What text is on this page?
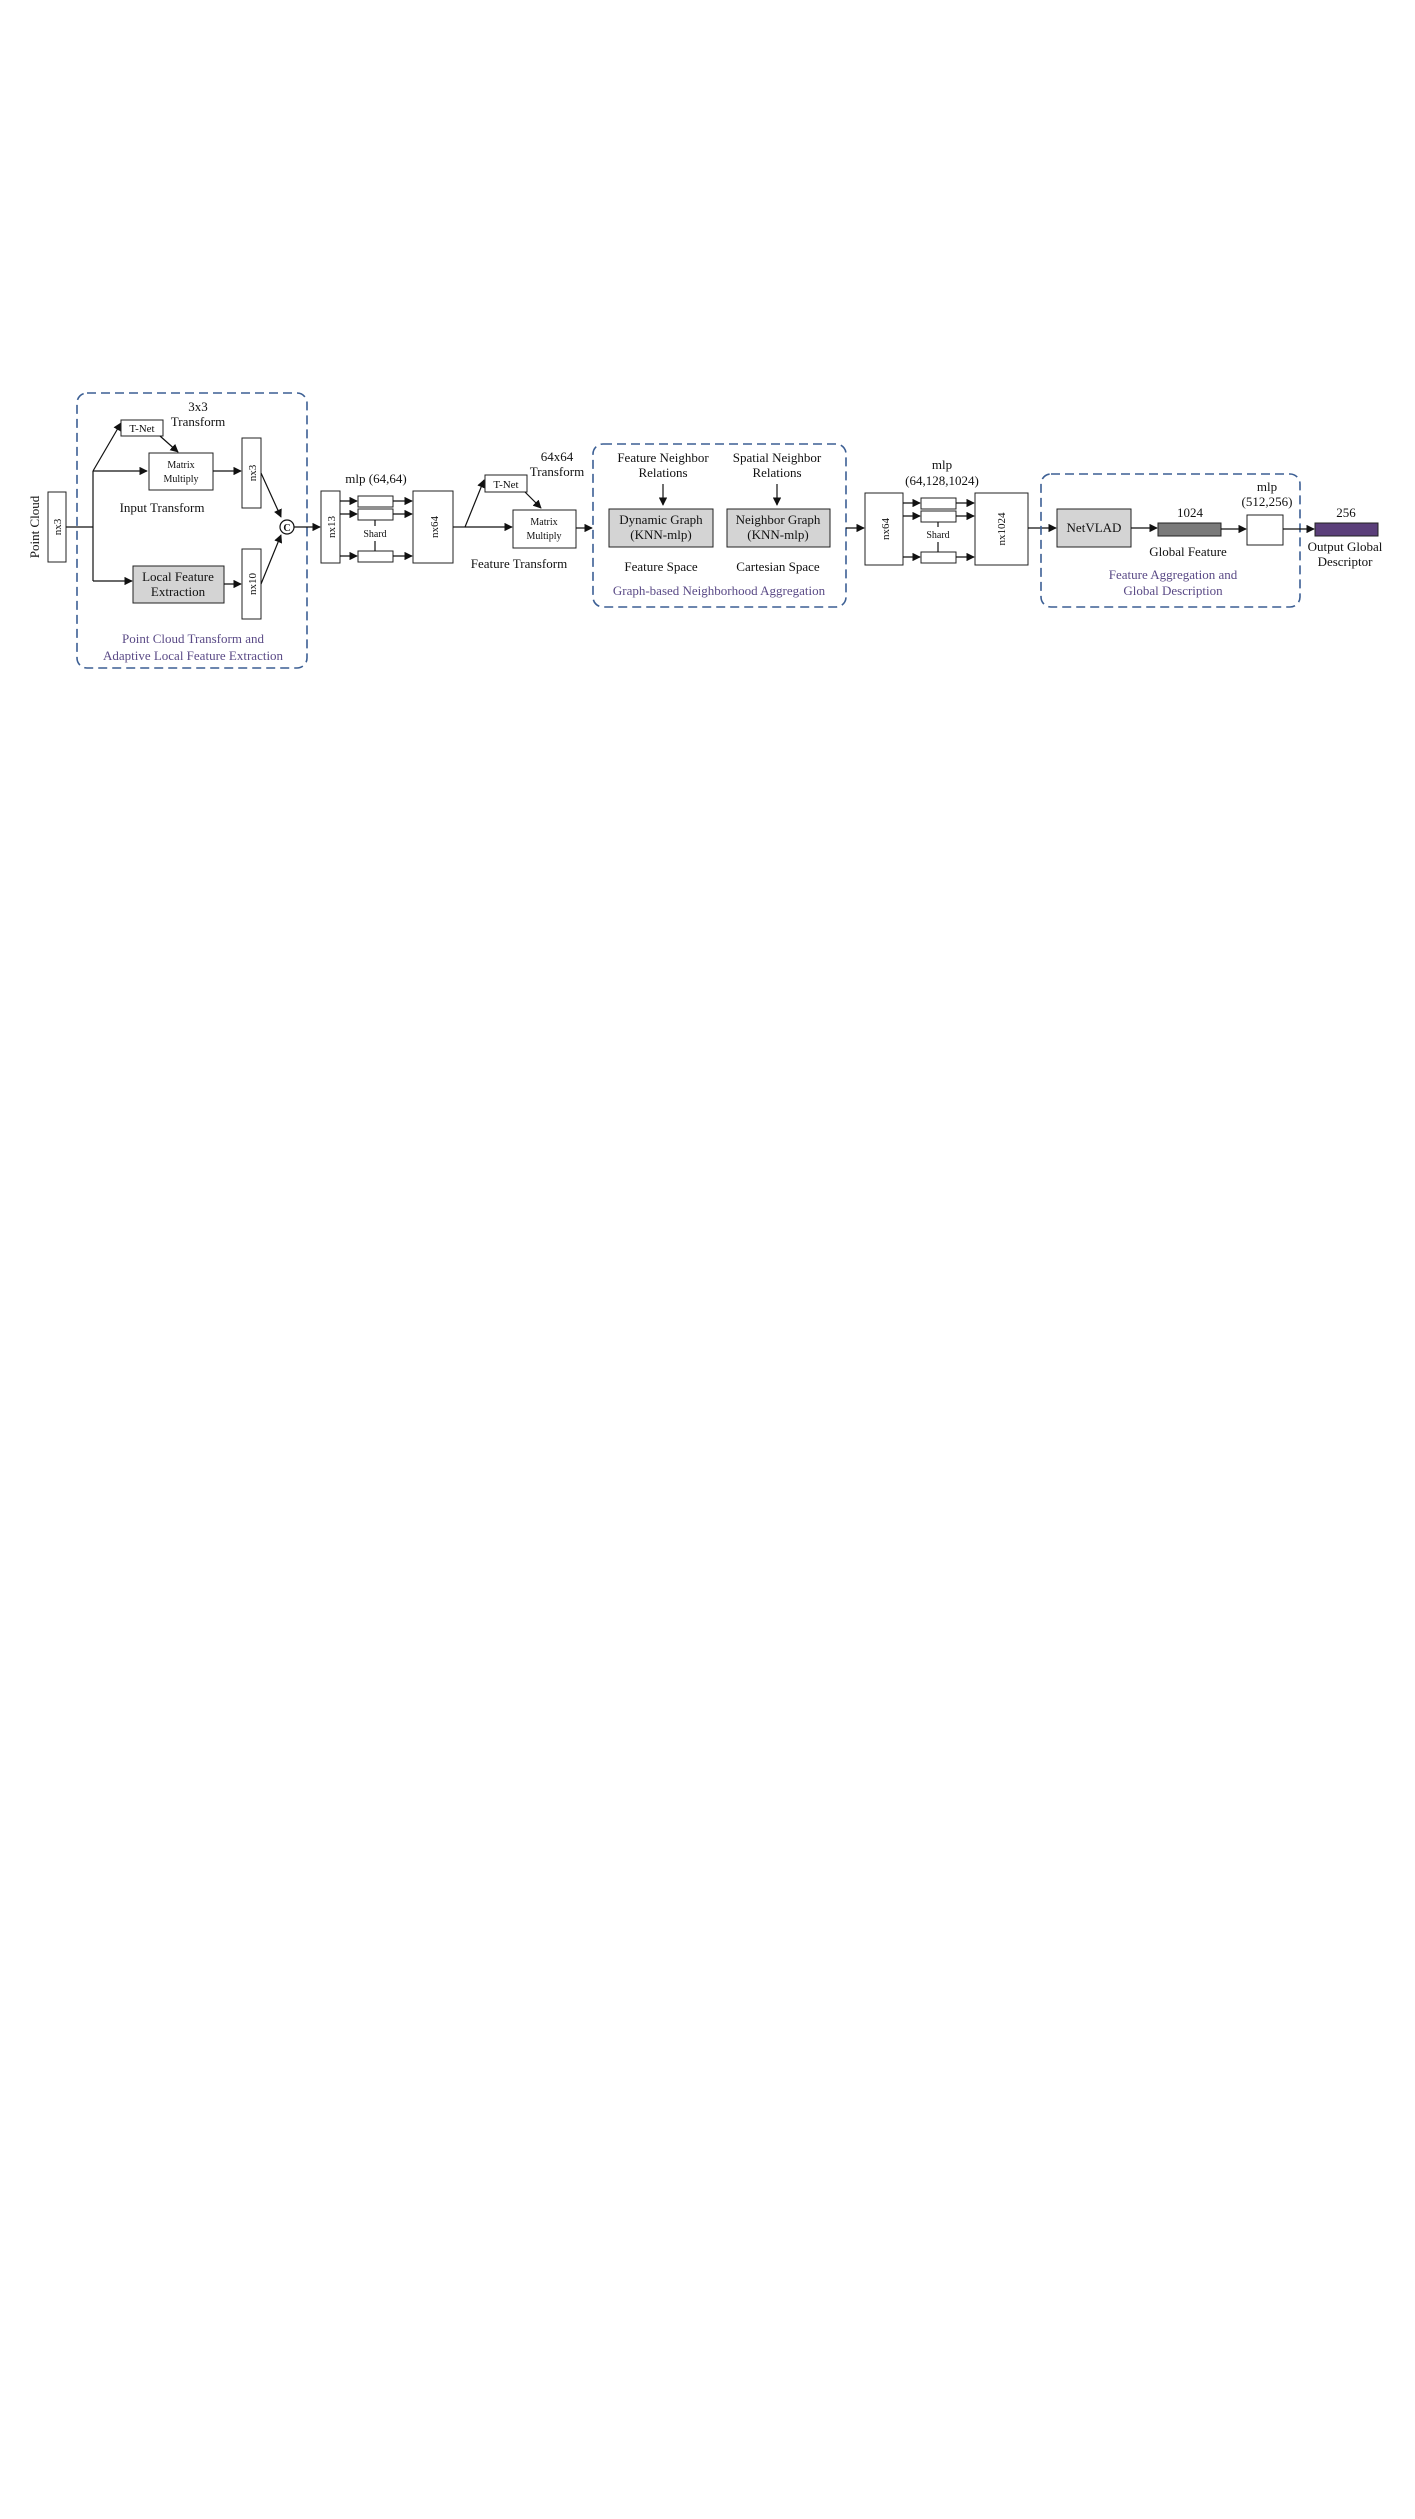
Point Cloud nx3
T-Net
3x3
Transform
Matrix
Multiply
Input Transform
nx3
Local Feature
Extraction	nx10
C
Point Cloud Transform and
Adaptive Local Feature Extraction
nx13
mlp (64,64)
Shard	nx64
T-Net
64x64
Transform
Matrix
Multiply
Feature Transform
Feature Neighbor
Relations
Spatial Neighbor
Relations
Dynamic Graph
(KNN-mlp)
Neighbor Graph
(KNN-mlp)
Feature Space	Cartesian Space
Graph-based Neighborhood Aggregation
nx64
mlp
(64,128,1024)
Shard	nx1024	NetVLAD
1024
Global Feature
mlp
(512,256)
Feature Aggregation and
Global Description
256
Output Global
Descriptor
